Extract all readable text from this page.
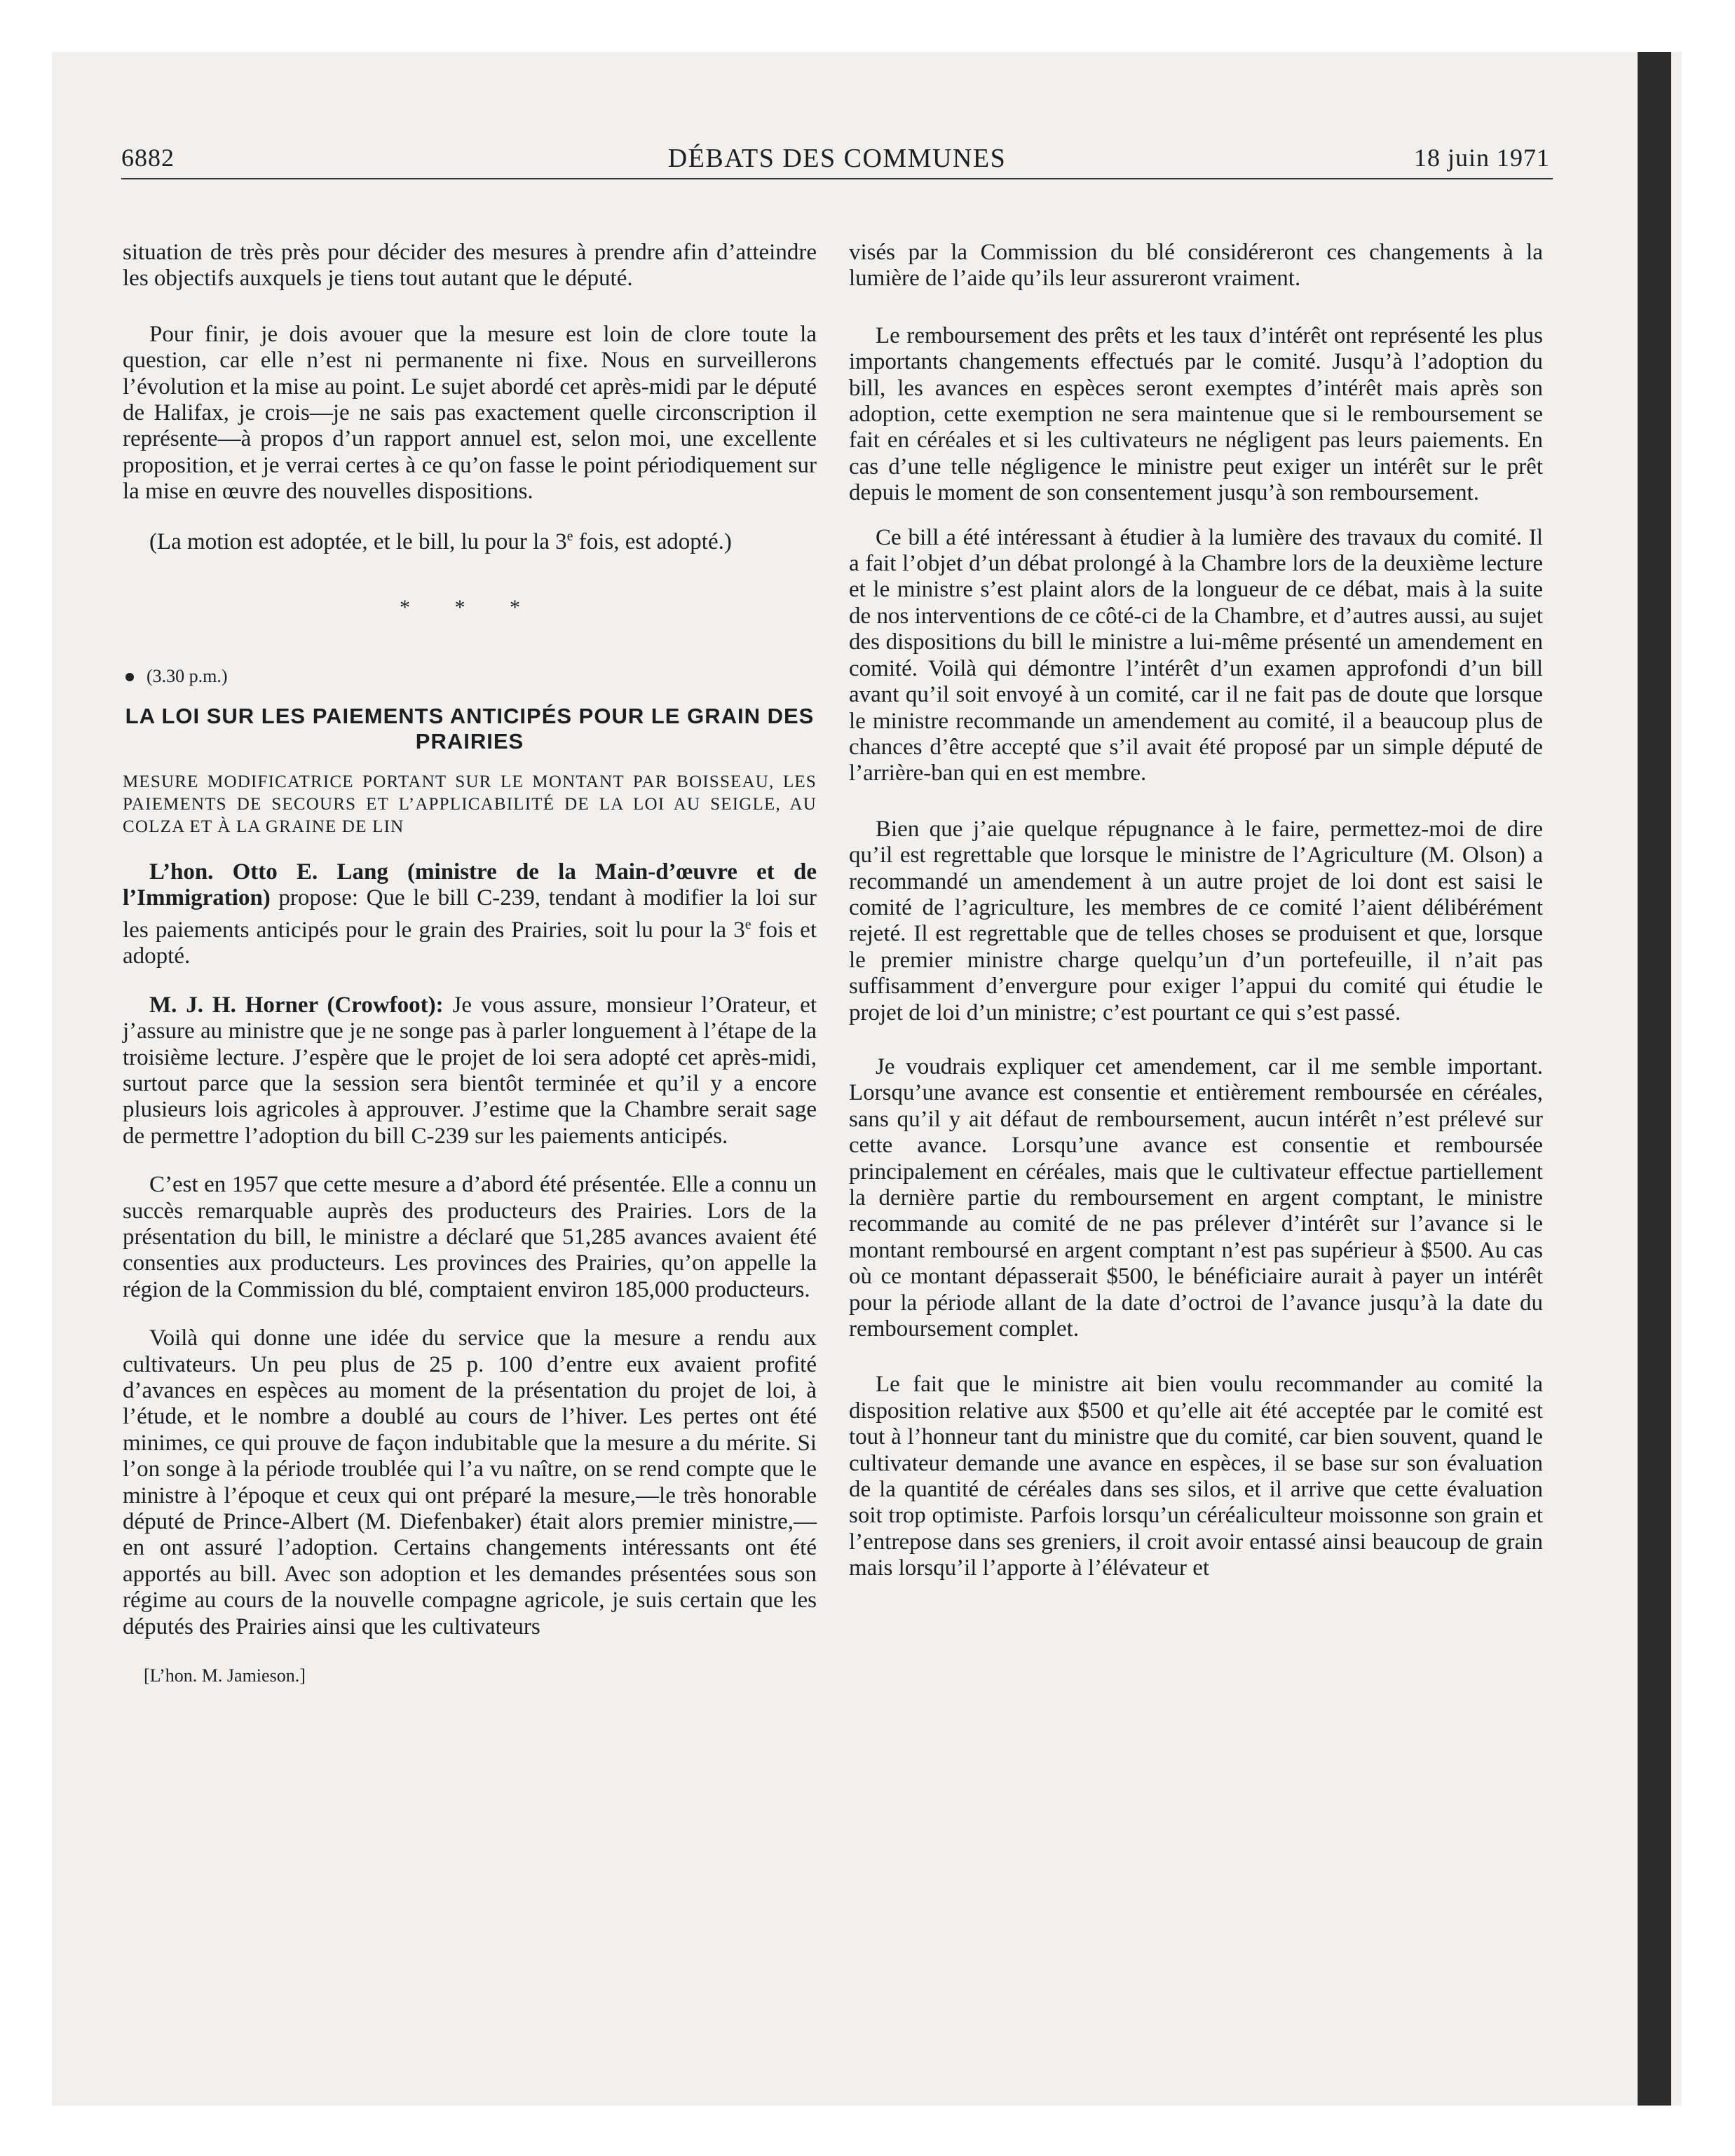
6882	DÉBATS DES COMMUNES	18 juin 1971

situation de très près pour décider des mesures à prendre afin d’atteindre les objectifs auxquels je tiens tout autant que le député.

Pour finir, je dois avouer que la mesure est loin de clore toute la question, car elle n’est ni permanente ni fixe. Nous en surveillerons l’évolution et la mise au point. Le sujet abordé cet après-midi par le député de Halifax, je crois—je ne sais pas exactement quelle circonscription il représente—à propos d’un rapport annuel est, selon moi, une excellente proposition, et je verrai certes à ce qu’on fasse le point périodiquement sur la mise en œuvre des nouvelles dispositions.

(La motion est adoptée, et le bill, lu pour la 3e fois, est adopté.)

* * *
(3.30 p.m.)
LA LOI SUR LES PAIEMENTS ANTICIPÉS POUR LE GRAIN DES PRAIRIES
MESURE MODIFICATRICE PORTANT SUR LE MONTANT PAR BOISSEAU, LES PAIEMENTS DE SECOURS ET L’APPLICABILITÉ DE LA LOI AU SEIGLE, AU COLZA ET À LA GRAINE DE LIN

L’hon. Otto E. Lang (ministre de la Main-d’œuvre et de l’Immigration) propose: Que le bill C-239, tendant à modifier la loi sur les paiements anticipés pour le grain des Prairies, soit lu pour la 3e fois et adopté.

M. J. H. Horner (Crowfoot): Je vous assure, monsieur l’Orateur, et j’assure au ministre que je ne songe pas à parler longuement à l’étape de la troisième lecture. J’espère que le projet de loi sera adopté cet après-midi, surtout parce que la session sera bientôt terminée et qu’il y a encore plusieurs lois agricoles à approuver. J’estime que la Chambre serait sage de permettre l’adoption du bill C-239 sur les paiements anticipés.

C’est en 1957 que cette mesure a d’abord été présentée. Elle a connu un succès remarquable auprès des producteurs des Prairies. Lors de la présentation du bill, le ministre a déclaré que 51,285 avances avaient été consenties aux producteurs. Les provinces des Prairies, qu’on appelle la région de la Commission du blé, comptaient environ 185,000 producteurs.

Voilà qui donne une idée du service que la mesure a rendu aux cultivateurs. Un peu plus de 25 p. 100 d’entre eux avaient profité d’avances en espèces au moment de la présentation du projet de loi, à l’étude, et le nombre a doublé au cours de l’hiver. Les pertes ont été minimes, ce qui prouve de façon indubitable que la mesure a du mérite. Si l’on songe à la période troublée qui l’a vu naître, on se rend compte que le ministre à l’époque et ceux qui ont préparé la mesure,—le très honorable député de Prince-Albert (M. Diefenbaker) était alors premier ministre,—en ont assuré l’adoption. Certains changements intéressants ont été apportés au bill. Avec son adoption et les demandes présentées sous son régime au cours de la nouvelle compagne agricole, je suis certain que les députés des Prairies ainsi que les cultivateurs

[L’hon. M. Jamieson.]

visés par la Commission du blé considéreront ces changements à la lumière de l’aide qu’ils leur assureront vraiment.

Le remboursement des prêts et les taux d’intérêt ont représenté les plus importants changements effectués par le comité. Jusqu’à l’adoption du bill, les avances en espèces seront exemptes d’intérêt mais après son adoption, cette exemption ne sera maintenue que si le remboursement se fait en céréales et si les cultivateurs ne négligent pas leurs paiements. En cas d’une telle négligence le ministre peut exiger un intérêt sur le prêt depuis le moment de son consentement jusqu’à son remboursement.

Ce bill a été intéressant à étudier à la lumière des travaux du comité. Il a fait l’objet d’un débat prolongé à la Chambre lors de la deuxième lecture et le ministre s’est plaint alors de la longueur de ce débat, mais à la suite de nos interventions de ce côté-ci de la Chambre, et d’autres aussi, au sujet des dispositions du bill le ministre a lui-même présenté un amendement en comité. Voilà qui démontre l’intérêt d’un examen approfondi d’un bill avant qu’il soit envoyé à un comité, car il ne fait pas de doute que lorsque le ministre recommande un amendement au comité, il a beaucoup plus de chances d’être accepté que s’il avait été proposé par un simple député de l’arrière-ban qui en est membre.

Bien que j’aie quelque répugnance à le faire, permettez-moi de dire qu’il est regrettable que lorsque le ministre de l’Agriculture (M. Olson) a recommandé un amendement à un autre projet de loi dont est saisi le comité de l’agriculture, les membres de ce comité l’aient délibérément rejeté. Il est regrettable que de telles choses se produisent et que, lorsque le premier ministre charge quelqu’un d’un portefeuille, il n’ait pas suffisamment d’envergure pour exiger l’appui du comité qui étudie le projet de loi d’un ministre; c’est pourtant ce qui s’est passé.

Je voudrais expliquer cet amendement, car il me semble important. Lorsqu’une avance est consentie et entièrement remboursée en céréales, sans qu’il y ait défaut de remboursement, aucun intérêt n’est prélevé sur cette avance. Lorsqu’une avance est consentie et remboursée principalement en céréales, mais que le cultivateur effectue partiellement la dernière partie du remboursement en argent comptant, le ministre recommande au comité de ne pas prélever d’intérêt sur l’avance si le montant remboursé en argent comptant n’est pas supérieur à $500. Au cas où ce montant dépasserait $500, le bénéficiaire aurait à payer un intérêt pour la période allant de la date d’octroi de l’avance jusqu’à la date du remboursement complet.

Le fait que le ministre ait bien voulu recommander au comité la disposition relative aux $500 et qu’elle ait été acceptée par le comité est tout à l’honneur tant du ministre que du comité, car bien souvent, quand le cultivateur demande une avance en espèces, il se base sur son évaluation de la quantité de céréales dans ses silos, et il arrive que cette évaluation soit trop optimiste. Parfois lorsqu’un céréaliculteur moissonne son grain et l’entrepose dans ses greniers, il croit avoir entassé ainsi beaucoup de grain mais lorsqu’il l’apporte à l’élévateur et
